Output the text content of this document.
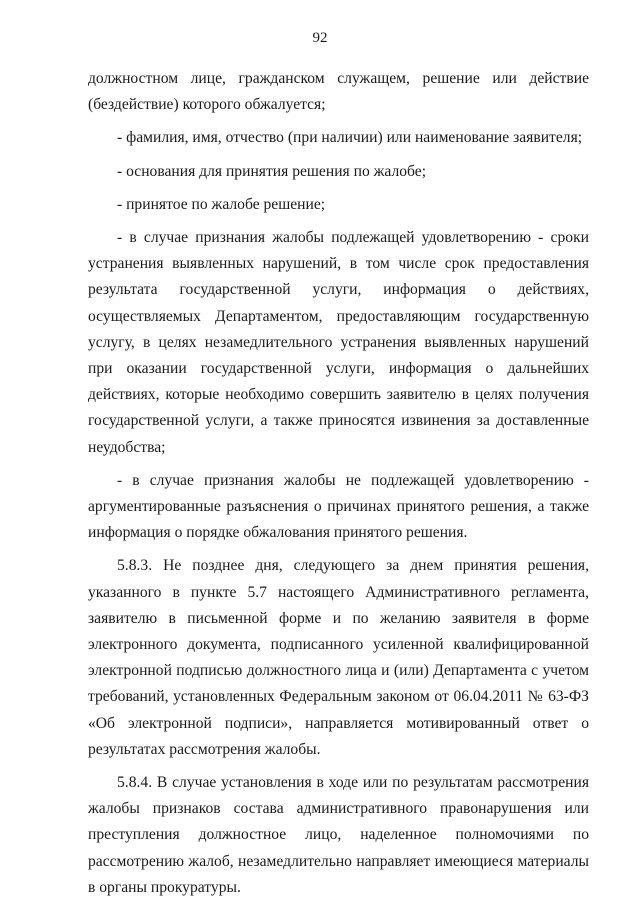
92

должностном лице, гражданском служащем, решение или действие (бездействие) которого обжалуется;

- фамилия, имя, отчество (при наличии) или наименование заявителя;

- основания для принятия решения по жалобе;

- принятое по жалобе решение;

- в случае признания жалобы подлежащей удовлетворению - сроки устранения выявленных нарушений, в том числе срок предоставления результата государственной услуги, информация о действиях, осуществляемых Департаментом, предоставляющим государственную услугу, в целях незамедлительного устранения выявленных нарушений при оказании государственной услуги, информация о дальнейших действиях, которые необходимо совершить заявителю в целях получения государственной услуги, а также приносятся извинения за доставленные неудобства;

- в случае признания жалобы не подлежащей удовлетворению - аргументированные разъяснения о причинах принятого решения, а также информация о порядке обжалования принятого решения.

5.8.3. Не позднее дня, следующего за днем принятия решения, указанного в пункте 5.7 настоящего Административного регламента, заявителю в письменной форме и по желанию заявителя в форме электронного документа, подписанного усиленной квалифицированной электронной подписью должностного лица и (или) Департамента с учетом требований, установленных Федеральным законом от 06.04.2011 № 63-ФЗ «Об электронной подписи», направляется мотивированный ответ о результатах рассмотрения жалобы.

5.8.4. В случае установления в ходе или по результатам рассмотрения жалобы признаков состава административного правонарушения или преступления должностное лицо, наделенное полномочиями по рассмотрению жалоб, незамедлительно направляет имеющиеся материалы в органы прокуратуры.
